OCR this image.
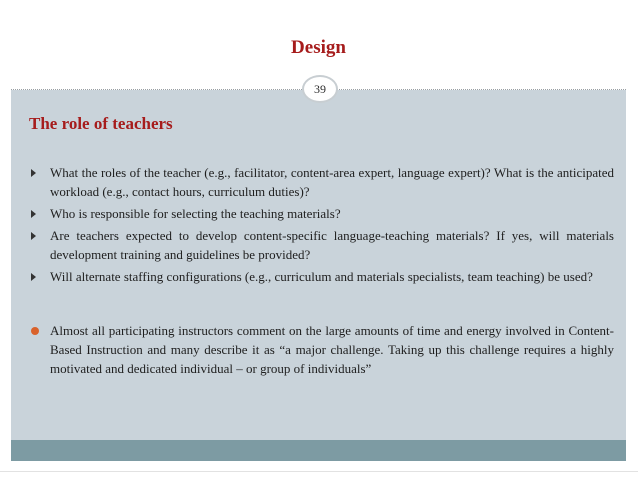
Design
39
The role of teachers
What the roles of the teacher (e.g., facilitator, content-area expert, language expert)? What is the anticipated workload (e.g., contact hours, curriculum duties)?
Who is responsible for selecting the teaching materials?
Are teachers expected to develop content-specific language-teaching materials? If yes, will materials development training and guidelines be provided?
Will alternate staffing configurations (e.g., curriculum and materials specialists, team teaching) be used?
Almost all participating instructors comment on the large amounts of time and energy involved in Content-Based Instruction and many describe it as “a major challenge. Taking up this challenge requires a highly motivated and dedicated individual – or group of individuals”
